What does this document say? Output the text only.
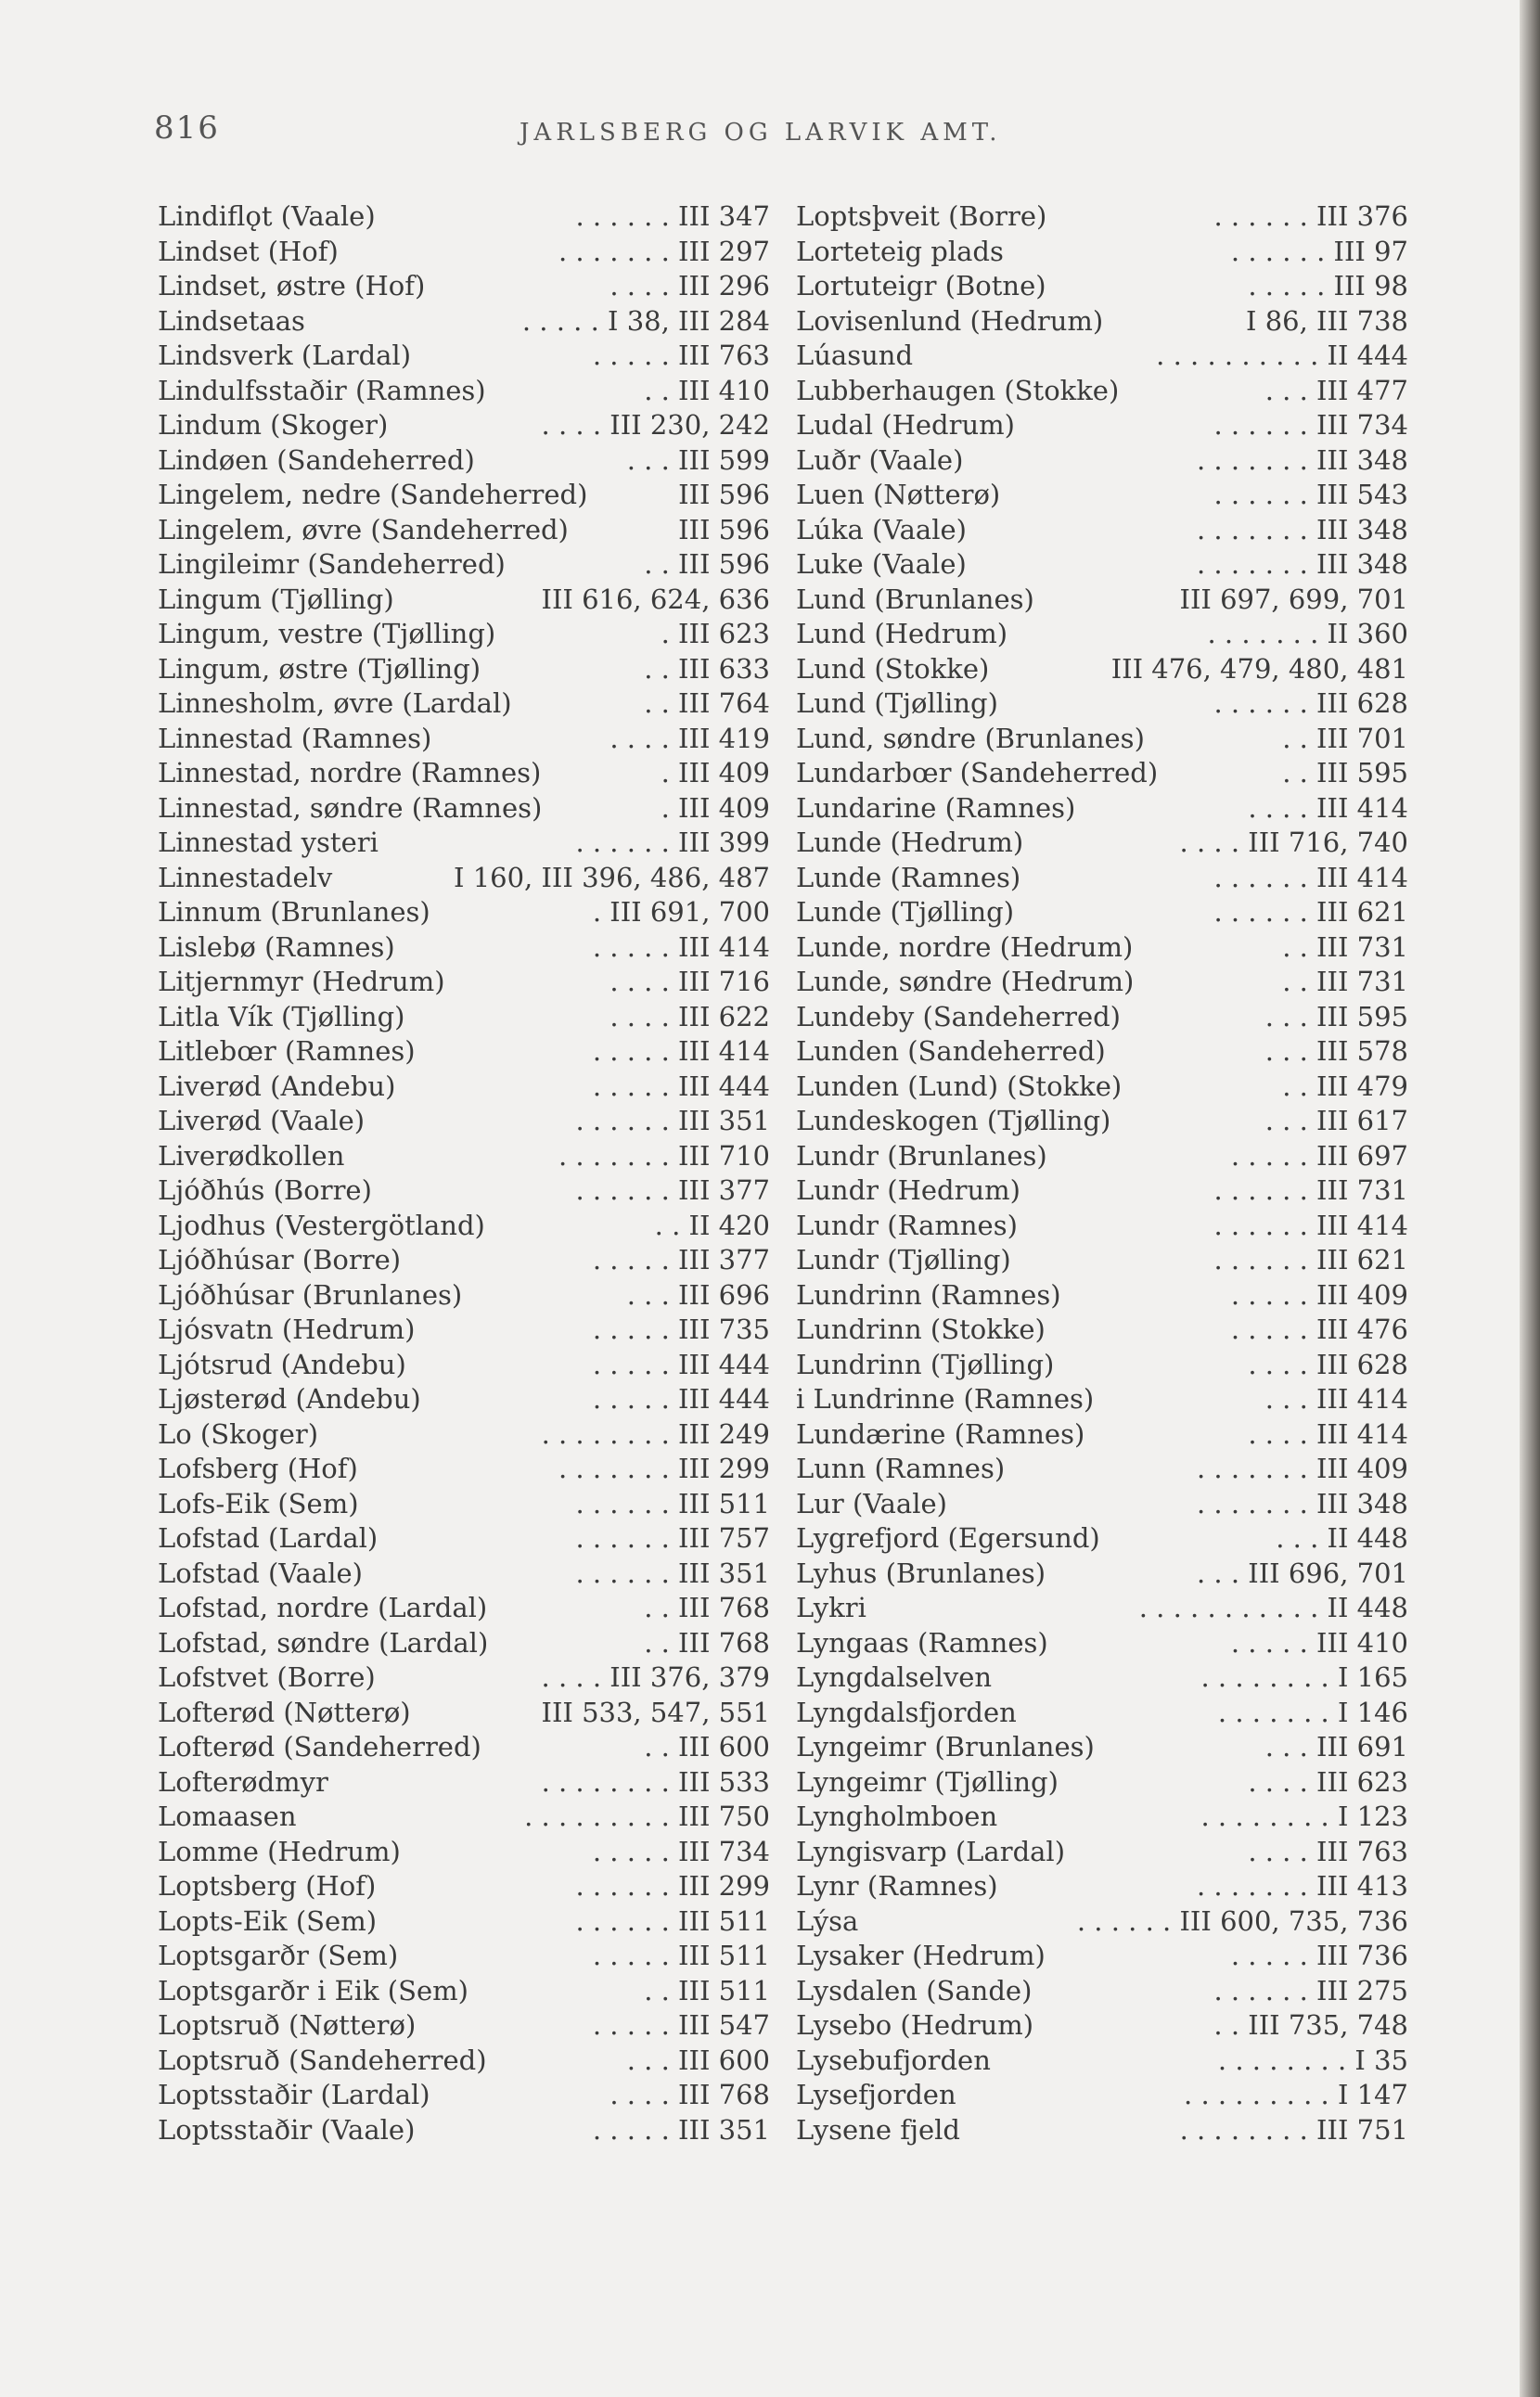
816	JARLSBERG OG LARVIK AMT.
Lindiflǫt (Vaale)	. . . . . . III 347
Lindset (Hof)	. . . . . . . III 297
Lindset, østre (Hof)	. . . . III 296
Lindsetaas	. . . . . I 38, III 284
Lindsverk (Lardal)	. . . . . III 763
Lindulfsstaðir (Ramnes)	. . III 410
Lindum (Skoger)	. . . . III 230, 242
Lindøen (Sandeherred)	. . . III 599
Lingelem, nedre (Sandeherred)	III 596
Lingelem, øvre (Sandeherred)	III 596
Lingileimr (Sandeherred)	. . III 596
Lingum (Tjølling)	III 616, 624, 636
Lingum, vestre (Tjølling)	. III 623
Lingum, østre (Tjølling)	. . III 633
Linnesholm, øvre (Lardal)	. . III 764
Linnestad (Ramnes)	. . . . III 419
Linnestad, nordre (Ramnes)	. III 409
Linnestad, søndre (Ramnes)	. III 409
Linnestad ysteri	. . . . . . III 399
Linnestadelv	I 160, III 396, 486, 487
Linnum (Brunlanes)	. III 691, 700
Lislebø (Ramnes)	. . . . . III 414
Litjernmyr (Hedrum)	. . . . III 716
Litla Vík (Tjølling)	. . . . III 622
Litlebœr (Ramnes)	. . . . . III 414
Liverød (Andebu)	. . . . . III 444
Liverød (Vaale)	. . . . . . III 351
Liverødkollen	. . . . . . . III 710
Ljóðhús (Borre)	. . . . . . III 377
Ljodhus (Vestergötland)	. . II 420
Ljóðhúsar (Borre)	. . . . . III 377
Ljóðhúsar (Brunlanes)	. . . III 696
Ljósvatn (Hedrum)	. . . . . III 735
Ljótsrud (Andebu)	. . . . . III 444
Ljøsterød (Andebu)	. . . . . III 444
Lo (Skoger)	. . . . . . . . III 249
Lofsberg (Hof)	. . . . . . . III 299
Lofs-Eik (Sem)	. . . . . . III 511
Lofstad (Lardal)	. . . . . . III 757
Lofstad (Vaale)	. . . . . . III 351
Lofstad, nordre (Lardal)	. . III 768
Lofstad, søndre (Lardal)	. . III 768
Lofstvet (Borre)	. . . . III 376, 379
Lofterød (Nøtterø)	III 533, 547, 551
Lofterød (Sandeherred)	. . III 600
Lofterødmyr	. . . . . . . . III 533
Lomaasen	. . . . . . . . . III 750
Lomme (Hedrum)	. . . . . III 734
Loptsberg (Hof)	. . . . . . III 299
Lopts-Eik (Sem)	. . . . . . III 511
Loptsgarðr (Sem)	. . . . . III 511
Loptsgarðr i Eik (Sem)	. . III 511
Loptsruð (Nøtterø)	. . . . . III 547
Loptsruð (Sandeherred)	. . . III 600
Loptsstaðir (Lardal)	. . . . III 768
Loptsstaðir (Vaale)	. . . . . III 351
Loptsþveit (Borre)	. . . . . . III 376
Lorteteig plads	. . . . . . III 97
Lortuteigr (Botne)	. . . . . III 98
Lovisenlund (Hedrum)	I 86, III 738
Lúasund	. . . . . . . . . . II 444
Lubberhaugen (Stokke)	. . . III 477
Ludal (Hedrum)	. . . . . . III 734
Luðr (Vaale)	. . . . . . . III 348
Luen (Nøtterø)	. . . . . . III 543
Lúka (Vaale)	. . . . . . . III 348
Luke (Vaale)	. . . . . . . III 348
Lund (Brunlanes)	III 697, 699, 701
Lund (Hedrum)	. . . . . . . II 360
Lund (Stokke)	III 476, 479, 480, 481
Lund (Tjølling)	. . . . . . III 628
Lund, søndre (Brunlanes)	. . III 701
Lundarbœr (Sandeherred)	. . III 595
Lundarine (Ramnes)	. . . . III 414
Lunde (Hedrum)	. . . . III 716, 740
Lunde (Ramnes)	. . . . . . III 414
Lunde (Tjølling)	. . . . . . III 621
Lunde, nordre (Hedrum)	. . III 731
Lunde, søndre (Hedrum)	. . III 731
Lundeby (Sandeherred)	. . . III 595
Lunden (Sandeherred)	. . . III 578
Lunden (Lund) (Stokke)	. . III 479
Lundeskogen (Tjølling)	. . . III 617
Lundr (Brunlanes)	. . . . . III 697
Lundr (Hedrum)	. . . . . . III 731
Lundr (Ramnes)	. . . . . . III 414
Lundr (Tjølling)	. . . . . . III 621
Lundrinn (Ramnes)	. . . . . III 409
Lundrinn (Stokke)	. . . . . III 476
Lundrinn (Tjølling)	. . . . III 628
i Lundrinne (Ramnes)	. . . III 414
Lundærine (Ramnes)	. . . . III 414
Lunn (Ramnes)	. . . . . . . III 409
Lur (Vaale)	. . . . . . . III 348
Lygrefjord (Egersund)	. . . II 448
Lyhus (Brunlanes)	. . . III 696, 701
Lykri	. . . . . . . . . . . II 448
Lyngaas (Ramnes)	. . . . . III 410
Lyngdalselven	. . . . . . . . I 165
Lyngdalsfjorden	. . . . . . . I 146
Lyngeimr (Brunlanes)	. . . III 691
Lyngeimr (Tjølling)	. . . . III 623
Lyngholmboen	. . . . . . . . I 123
Lyngisvarp (Lardal)	. . . . III 763
Lynr (Ramnes)	. . . . . . . III 413
Lýsa	. . . . . . III 600, 735, 736
Lysaker (Hedrum)	. . . . . III 736
Lysdalen (Sande)	. . . . . . III 275
Lysebo (Hedrum)	. . III 735, 748
Lysebufjorden	. . . . . . . . I 35
Lysefjorden	. . . . . . . . . I 147
Lysene fjeld	. . . . . . . . III 751
